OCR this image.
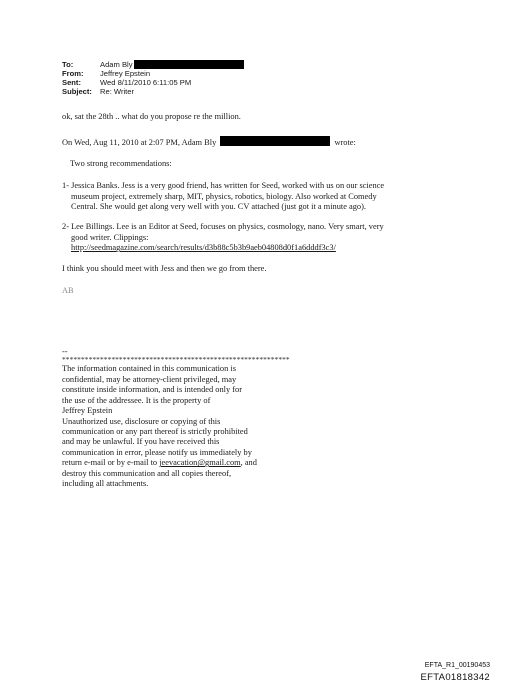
To:	Adam Bly
From:	Jeffrey Epstein
Sent:	Wed 8/11/2010 6:11:05 PM
Subject:	Re: Writer

ok, sat the 28th .. what do you propose re the million.

On Wed, Aug 11, 2010 at 2:07 PM, Adam Bly	wrote:

Two strong recommendations:

1- Jessica Banks. Jess is a very good friend, has written for Seed, worked with us on our science

museum project, extremely sharp, MIT, physics, robotics, biology. Also worked at Comedy

Central. She would get along very well with you. CV attached (just got it a minute ago).

2- Lee Billings. Lee is an Editor at Seed, focuses on physics, cosmology, nano. Very smart, very

good writer. Clippings:

http://seedmagazine.com/search/results/d3b88c5b3b9aeb04808d0f1a6dddf3c3/

I think you should meet with Jess and then we go from there.

AB

--

************************************************************

The information contained in this communication is

confidential, may be attorney-client privileged, may

constitute inside information, and is intended only for

the use of the addressee. It is the property of

Jeffrey Epstein

Unauthorized use, disclosure or copying of this

communication or any part thereof is strictly prohibited

and may be unlawful. If you have received this

communication in error, please notify us immediately by

return e-mail or by e-mail to jeevacation@gmail.com, and

destroy this communication and all copies thereof,

including all attachments.

EFTA_R1_00190453
EFTA01818342
